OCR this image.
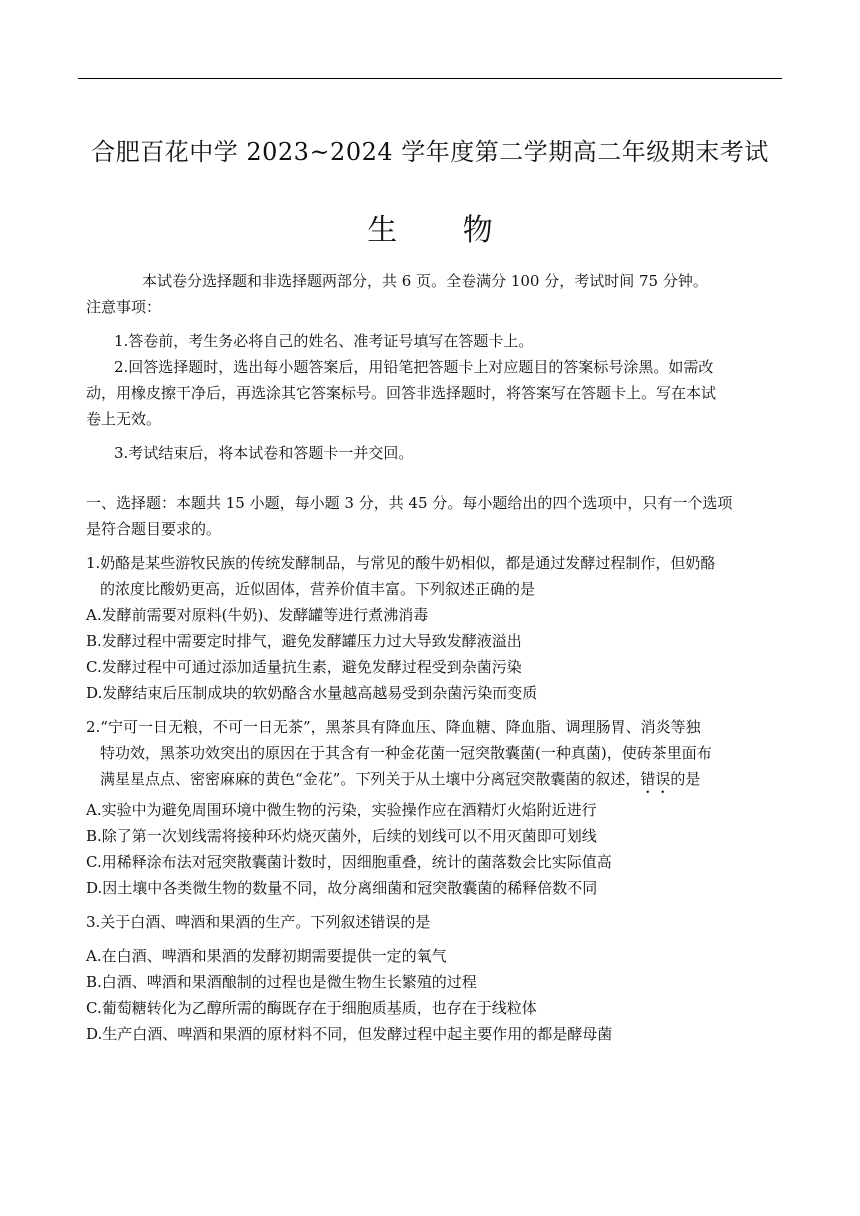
合肥百花中学 2023~2024 学年度第二学期高二年级期末考试
生 物

本试卷分选择题和非选择题两部分，共 6 页。全卷满分 100 分，考试时间 75 分钟。

注意事项：

1.答卷前，考生务必将自己的姓名、准考证号填写在答题卡上。

2.回答选择题时，选出每小题答案后，用铅笔把答题卡上对应题目的答案标号涂黑。如需改

动，用橡皮擦干净后，再选涂其它答案标号。回答非选择题时，将答案写在答题卡上。写在本试

卷上无效。

3.考试结束后，将本试卷和答题卡一并交回。

一、选择题：本题共 15 小题，每小题 3 分，共 45 分。每小题给出的四个选项中，只有一个选项

是符合题目要求的。

1.奶酪是某些游牧民族的传统发酵制品，与常见的酸牛奶相似，都是通过发酵过程制作，但奶酪

的浓度比酸奶更高，近似固体，营养价值丰富。下列叙述正确的是

A.发酵前需要对原料(牛奶)、发酵罐等进行煮沸消毒

B.发酵过程中需要定时排气，避免发酵罐压力过大导致发酵液溢出

C.发酵过程中可通过添加适量抗生素，避免发酵过程受到杂菌污染

D.发酵结束后压制成块的软奶酪含水量越高越易受到杂菌污染而变质

2.“宁可一日无粮，不可一日无茶”，黑茶具有降血压、降血糖、降血脂、调理肠胃、消炎等独

特功效，黑茶功效突出的原因在于其含有一种金花菌一冠突散囊菌(一种真菌)，使砖茶里面布

满星星点点、密密麻麻的黄色“金花”。下列关于从土壤中分离冠突散囊菌的叙述，错误的是

A.实验中为避免周围环境中微生物的污染，实验操作应在酒精灯火焰附近进行

B.除了第一次划线需将接种环灼烧灭菌外，后续的划线可以不用灭菌即可划线

C.用稀释涂布法对冠突散囊菌计数时，因细胞重叠，统计的菌落数会比实际值高

D.因土壤中各类微生物的数量不同，故分离细菌和冠突散囊菌的稀释倍数不同

3.关于白酒、啤酒和果酒的生产。下列叙述错误的是

A.在白酒、啤酒和果酒的发酵初期需要提供一定的氧气

B.白酒、啤酒和果酒酿制的过程也是微生物生长繁殖的过程

C.葡萄糖转化为乙醇所需的酶既存在于细胞质基质，也存在于线粒体

D.生产白酒、啤酒和果酒的原材料不同，但发酵过程中起主要作用的都是酵母菌
